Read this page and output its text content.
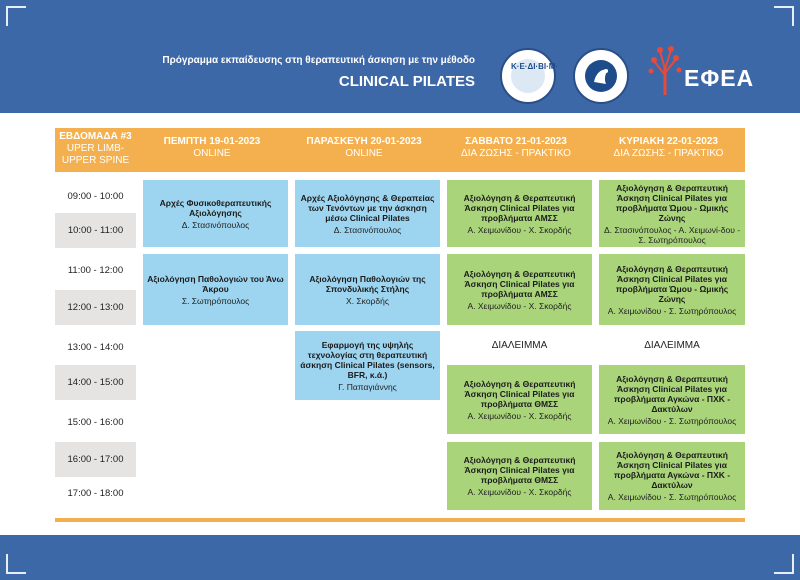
Πρόγραμμα εκπαίδευσης στη θεραπευτική άσκηση με την μέθοδο
CLINICAL PILATES
Κ·Ε·ΔΙ·ΒΙ·Μ·	ΕΦΕΑ
ΕΒΔΟΜΑΔΑ #3
UPER LIMB-
UPPER SPINE
ΠΕΜΠΤΗ 19-01-2023
ONLINE
ΠΑΡΑΣΚΕΥΗ 20-01-2023
ONLINE
ΣΑΒΒΑΤΟ 21-01-2023
ΔΙΑ ΖΩΣΗΣ - ΠΡΑΚΤΙΚΟ
ΚΥΡΙΑΚΗ 22-01-2023
ΔΙΑ ΖΩΣΗΣ - ΠΡΑΚΤΙΚΟ
09:00 - 10:00
10:00 - 11:00
11:00 - 12:00
12:00 - 13:00
13:00 - 14:00
14:00 - 15:00
15:00 - 16:00
16:00 - 17:00
17:00 - 18:00
Αρχές Φυσικοθεραπευτικής Αξιολόγησης
Δ. Στασινόπουλος
Αξιολόγηση Παθολογιών του Άνω Άκρου
Σ. Σωτηρόπουλος
Αρχές Αξιολόγησης & Θεραπείας των Τενόντων με την άσκηση μέσω Clinical Pilates
Δ. Στασινόπουλος
Αξιολόγηση Παθολογιών της Σπονδυλικής Στήλης
Χ. Σκορδής
Εφαρμογή της υψηλής τεχνολογίας στη θεραπευτική άσκηση Clinical Pilates (sensors, BFR, κ.ά.)
Γ. Παπαγιάννης
Αξιολόγηση & Θεραπευτική Άσκηση Clinical Pilates για προβλήματα ΑΜΣΣ
Α. Χειμωνίδου - Χ. Σκορδής
Αξιολόγηση & Θεραπευτική Άσκηση Clinical Pilates για προβλήματα ΑΜΣΣ
Α. Χειμωνίδου - Χ. Σκορδής
ΔΙΑΛΕΙΜΜΑ
Αξιολόγηση & Θεραπευτική Άσκηση Clinical Pilates για προβλήματα ΘΜΣΣ
Α. Χειμωνίδου - Χ. Σκορδής
Αξιολόγηση & Θεραπευτική Άσκηση Clinical Pilates για προβλήματα ΘΜΣΣ
Α. Χειμωνίδου - Χ. Σκορδής
Αξιολόγηση & Θεραπευτική Άσκηση Clinical Pilates για προβλήματα Ώμου - Ωμικής Ζώνης
Δ. Στασινόπουλος - Α. Χειμωνί-δου - Σ. Σωτηρόπουλος
Αξιολόγηση & Θεραπευτική Άσκηση Clinical Pilates για προβλήματα Ώμου - Ωμικής Ζώνης
Α. Χειμωνίδου - Σ. Σωτηρόπουλος
ΔΙΑΛΕΙΜΜΑ
Αξιολόγηση & Θεραπευτική Άσκηση Clinical Pilates για προβλήματα Αγκώνα - ΠΧΚ - Δακτύλων
Α. Χειμωνίδου - Σ. Σωτηρόπουλος
Αξιολόγηση & Θεραπευτική Άσκηση Clinical Pilates για προβλήματα Αγκώνα - ΠΧΚ - Δακτύλων
Α. Χειμωνίδου - Σ. Σωτηρόπουλος
